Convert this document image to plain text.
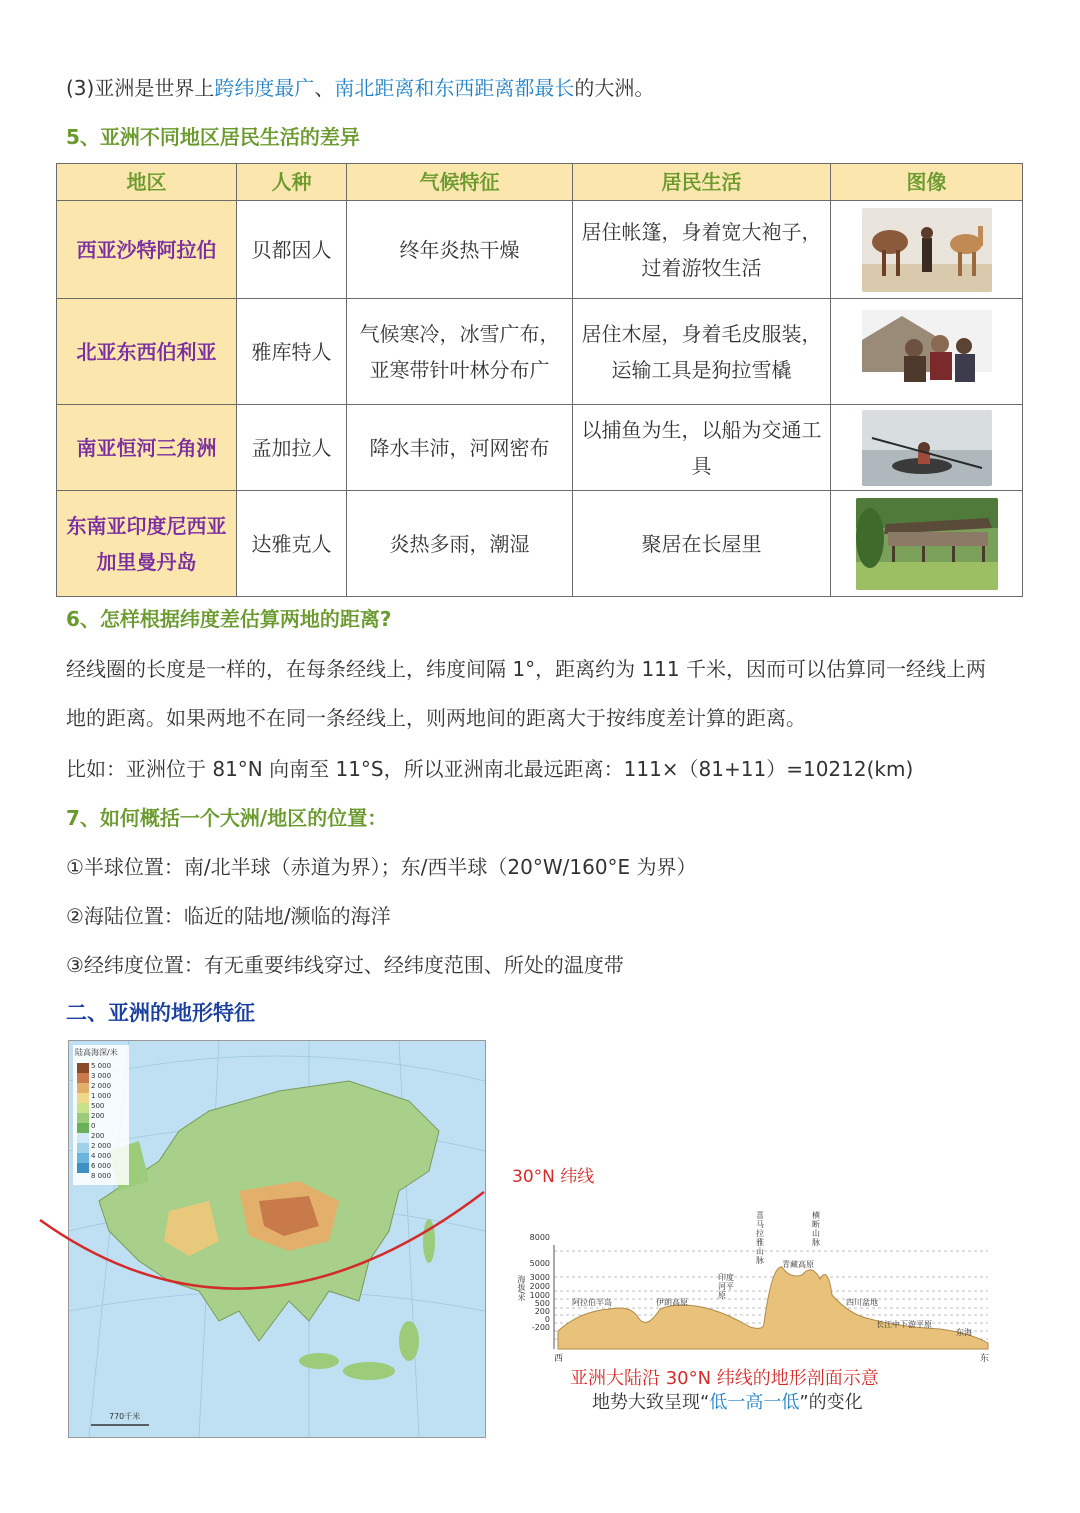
(3)亚洲是世界上跨纬度最广、南北距离和东西距离都最长的大洲。
5、亚洲不同地区居民生活的差异
地区	人种	气候特征	居民生活	图像
西亚沙特阿拉伯	贝都因人	终年炎热干燥	居住帐篷，身着宽大袍子，过着游牧生活	

北亚东西伯利亚	雅库特人	气候寒冷，冰雪广布，亚寒带针叶林分布广	居住木屋，身着毛皮服装，运输工具是狗拉雪橇	

南亚恒河三角洲	孟加拉人	降水丰沛，河网密布	以捕鱼为生，以船为交通工具	

东南亚印度尼西亚加里曼丹岛	达雅克人	炎热多雨，潮湿	聚居在长屋里	
6、怎样根据纬度差估算两地的距离?
经线圈的长度是一样的，在每条经线上，纬度间隔 1°，距离约为 111 千米，因而可以估算同一经线上两
地的距离。如果两地不在同一条经线上，则两地间的距离大于按纬度差计算的距离。
比如：亚洲位于 81°N 向南至 11°S，所以亚洲南北最远距离：111×（81+11）=10212(km)
7、如何概括一个大洲/地区的位置：
①半球位置：南/北半球（赤道为界）；东/西半球（20°W/160°E 为界）
②海陆位置：临近的陆地/濒临的海洋
③经纬度位置：有无重要纬线穿过、经纬度范围、所处的温度带
二、亚洲的地形特征
陆高海深/米
5 000
3 000
2 000
1 000
500
200
0
200
2 000
4 000
6 000
8 000
770千米
30°N 纬线
8000
5000
3000
2000
1000
500
200
0
-200
海拔/米
阿拉伯半岛	伊朗高原
印度河平原
喜马拉雅山脉 青藏高原
横断山脉
四川盆地
长江中下游平原
东海
西	东
亚洲大陆沿 30°N 纬线的地形剖面示意
地势大致呈现“低一高一低”的变化
